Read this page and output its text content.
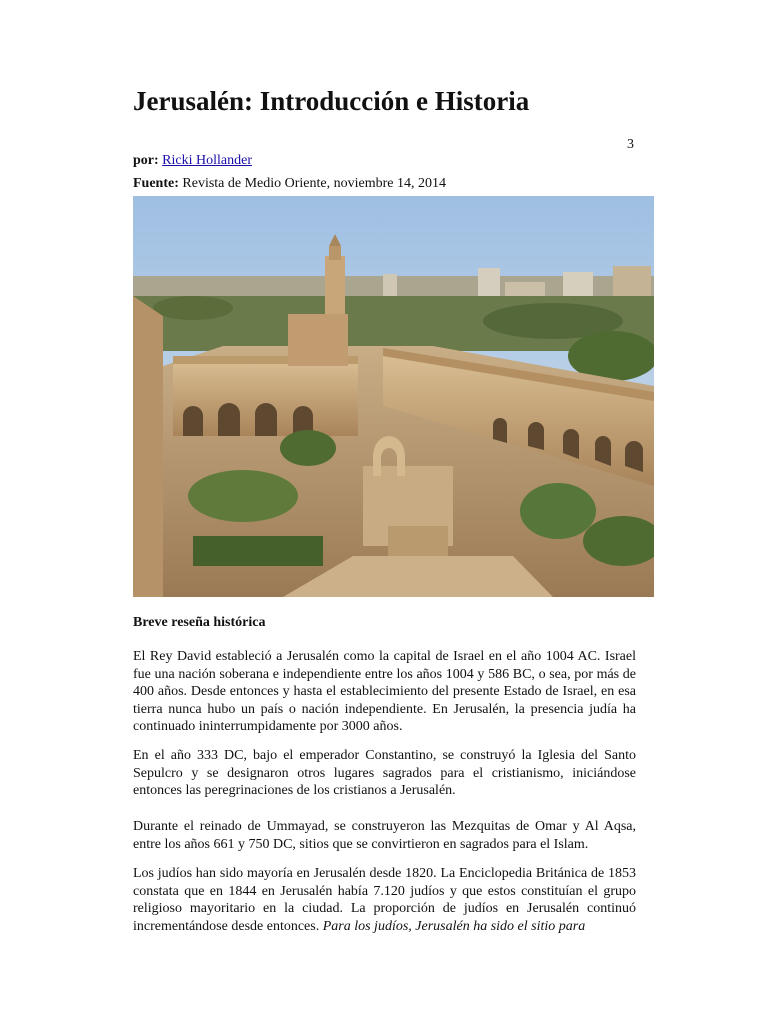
Jerusalén: Introducción e Historia
3
por: Ricki Hollander
Fuente: Revista de Medio Oriente, noviembre 14, 2014
Breve reseña histórica

El Rey David estableció a Jerusalén como la capital de Israel en el año 1004 AC. Israel fue una nación soberana e independiente entre los años 1004 y 586 BC, o sea, por más de 400 años. Desde entonces y hasta el establecimiento del presente Estado de Israel, en esa tierra nunca hubo un país o nación independiente. En Jerusalén, la presencia judía ha continuado ininterrumpidamente por 3000 años.

En el año 333 DC, bajo el emperador Constantino, se construyó la Iglesia del Santo Sepulcro y se designaron otros lugares sagrados para el cristianismo, iniciándose entonces las peregrinaciones de los cristianos a Jerusalén.

Durante el reinado de Ummayad, se construyeron las Mezquitas de Omar y Al Aqsa, entre los años 661 y 750 DC, sitios que se convirtieron en sagrados para el Islam.

Los judíos han sido mayoría en Jerusalén desde 1820. La Enciclopedia Británica de 1853 constata que en 1844 en Jerusalén había 7.120 judíos y que estos constituían el grupo religioso mayoritario en la ciudad. La proporción de judíos en Jerusalén continuó incrementándose desde entonces. Para los judíos, Jerusalén ha sido el sitio para
